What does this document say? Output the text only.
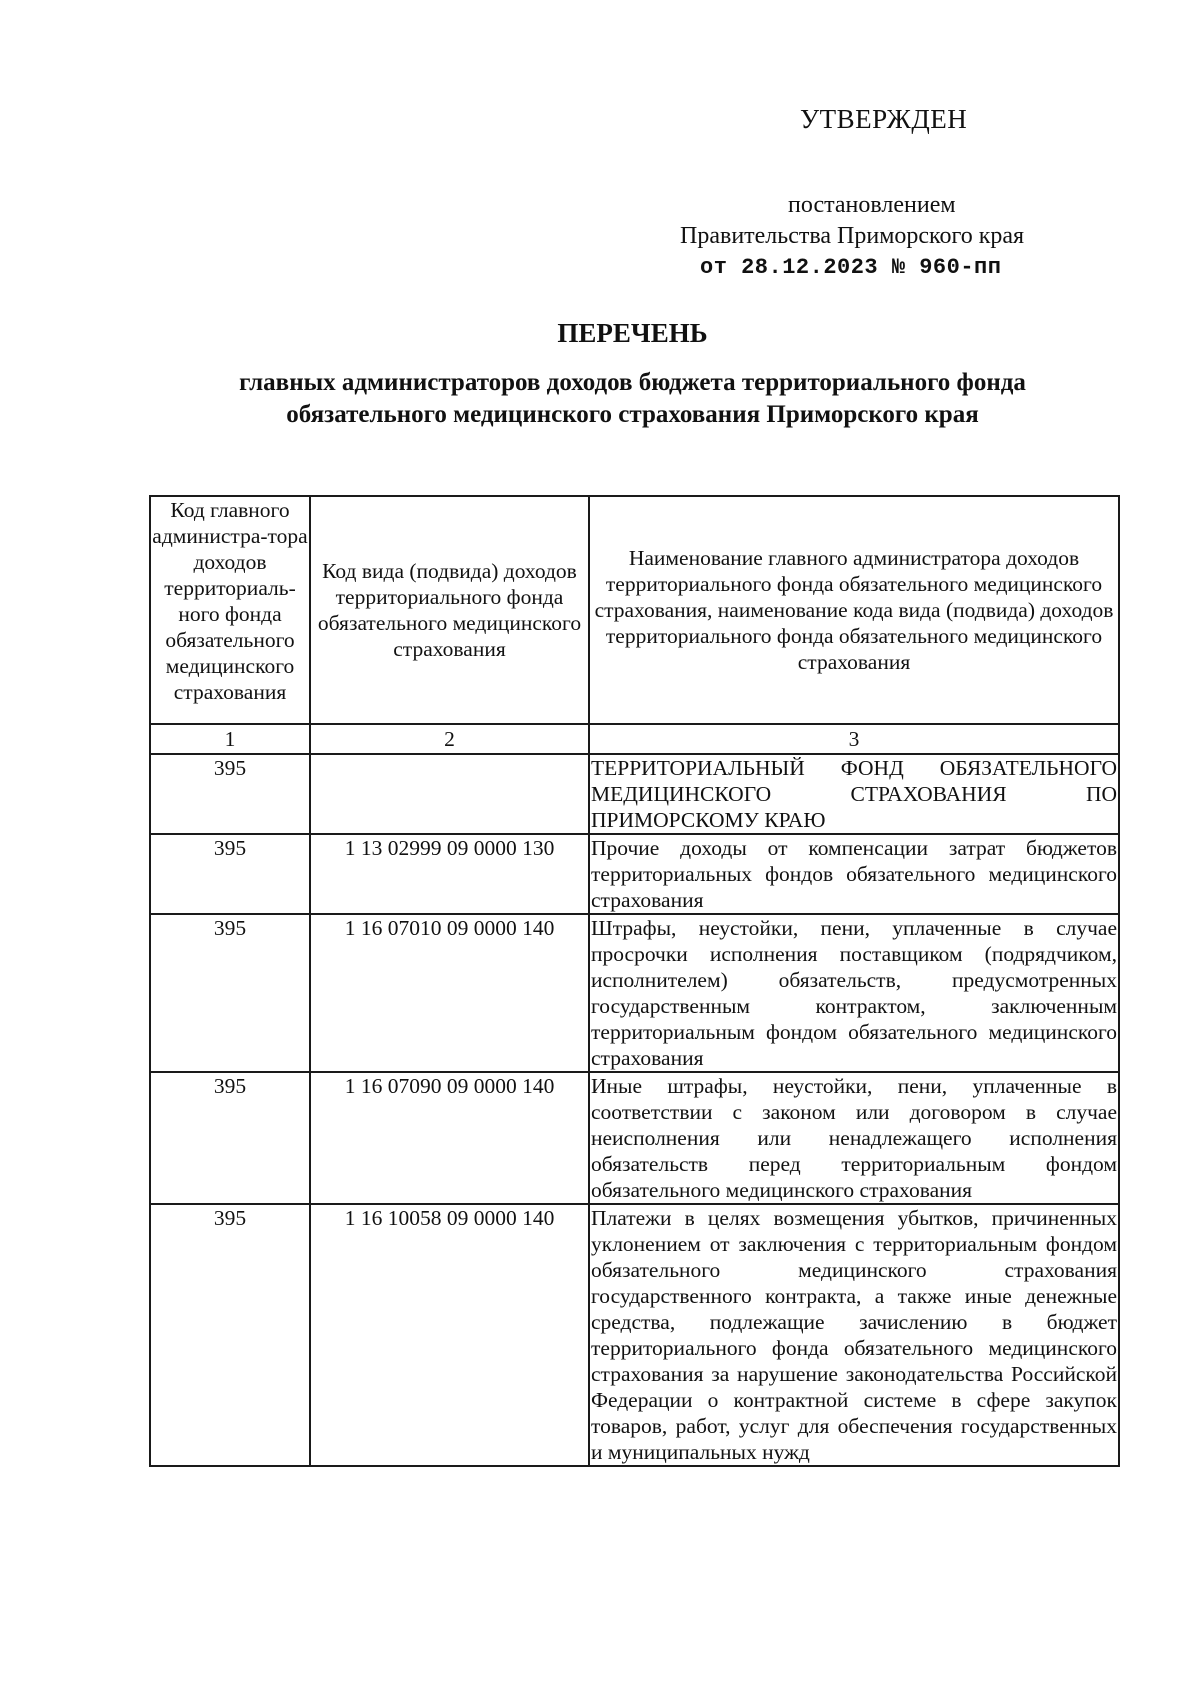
УТВЕРЖДЕН
постановлением
Правительства Приморского края
от 28.12.2023 № 960-пп
ПЕРЕЧЕНЬ
главных администраторов доходов бюджета территориального фонда обязательного медицинского страхования Приморского края
Код главного администра-тора доходов территориаль-ного фонда обязательного медицинского страхования	Код вида (подвида) доходов территориального фонда обязательного медицинского страхования	Наименование главного администратора доходов территориального фонда обязательного медицинского страхования, наименование кода вида (подвида) доходов территориального фонда обязательного медицинского страхования
1	2	3
395		ТЕРРИТОРИАЛЬНЫЙ ФОНД ОБЯЗАТЕЛЬНОГО МЕДИЦИНСКОГО СТРАХОВАНИЯ ПО ПРИМОРСКОМУ КРАЮ
395	1 13 02999 09 0000 130	Прочие доходы от компенсации затрат бюджетов территориальных фондов обязательного медицинского страхования
395	1 16 07010 09 0000 140	Штрафы, неустойки, пени, уплаченные в случае просрочки исполнения поставщиком (подрядчиком, исполнителем) обязательств, предусмотренных государственным контрактом, заключенным территориальным фондом обязательного медицинского страхования
395	1 16 07090 09 0000 140	Иные штрафы, неустойки, пени, уплаченные в соответствии с законом или договором в случае неисполнения или ненадлежащего исполнения обязательств перед территориальным фондом обязательного медицинского страхования
395	1 16 10058 09 0000 140	Платежи в целях возмещения убытков, причиненных уклонением от заключения с территориальным фондом обязательного медицинского страхования государственного контракта, а также иные денежные средства, подлежащие зачислению в бюджет территориального фонда обязательного медицинского страхования за нарушение законодательства Российской Федерации о контрактной системе в сфере закупок товаров, работ, услуг для обеспечения государственных и муниципальных нужд
